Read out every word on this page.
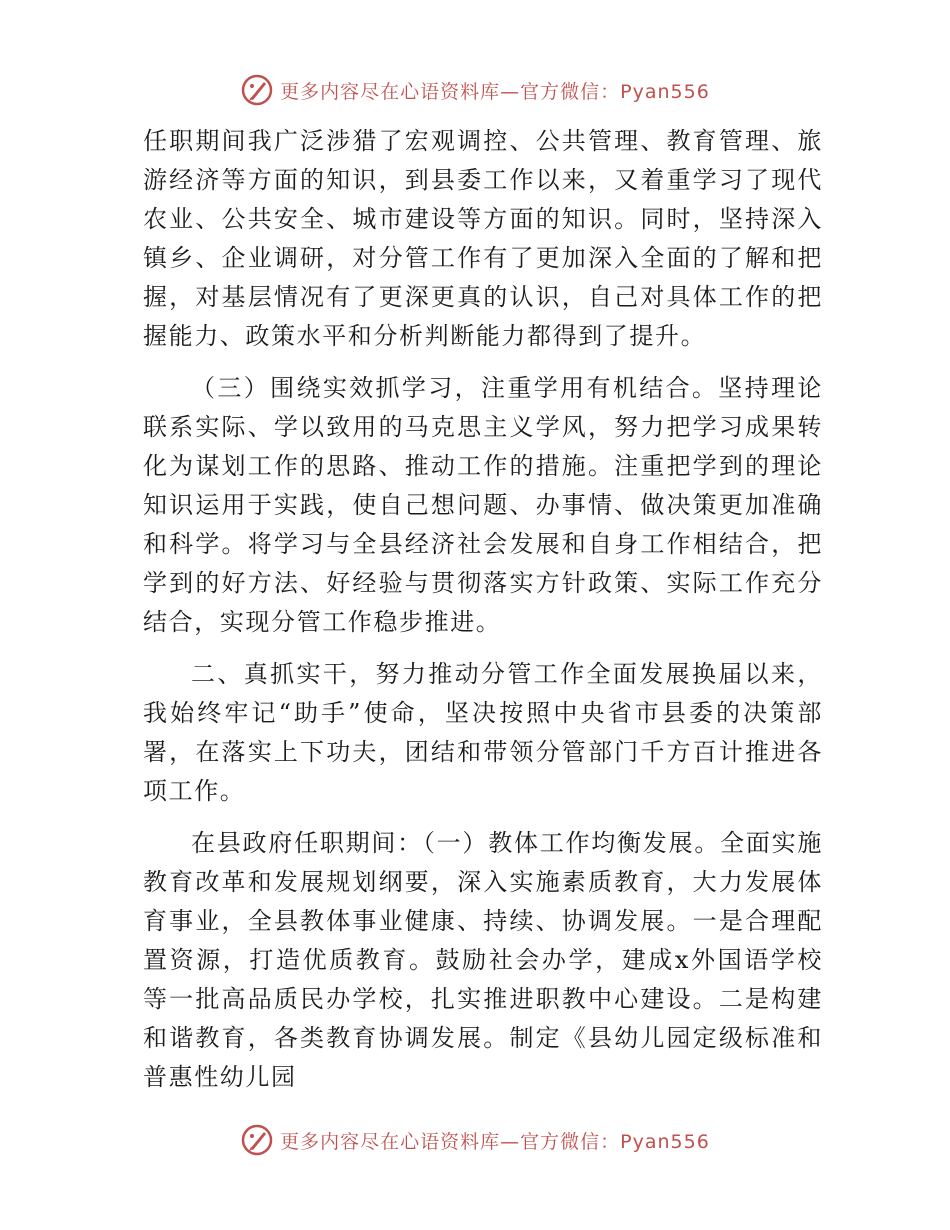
更多内容尽在心语资料库—官方微信：Pyan556

任职期间我广泛涉猎了宏观调控、公共管理、教育管理、旅游经济等方面的知识，到县委工作以来，又着重学习了现代农业、公共安全、城市建设等方面的知识。同时，坚持深入镇乡、企业调研，对分管工作有了更加深入全面的了解和把握，对基层情况有了更深更真的认识，自己对具体工作的把握能力、政策水平和分析判断能力都得到了提升。

（三）围绕实效抓学习，注重学用有机结合。坚持理论联系实际、学以致用的马克思主义学风，努力把学习成果转化为谋划工作的思路、推动工作的措施。注重把学到的理论知识运用于实践，使自己想问题、办事情、做决策更加准确和科学。将学习与全县经济社会发展和自身工作相结合，把学到的好方法、好经验与贯彻落实方针政策、实际工作充分结合，实现分管工作稳步推进。

二、真抓实干，努力推动分管工作全面发展换届以来，我始终牢记“助手”使命，坚决按照中央省市县委的决策部署，在落实上下功夫，团结和带领分管部门千方百计推进各项工作。

在县政府任职期间：（一）教体工作均衡发展。全面实施教育改革和发展规划纲要，深入实施素质教育，大力发展体育事业，全县教体事业健康、持续、协调发展。一是合理配置资源，打造优质教育。鼓励社会办学，建成x外国语学校等一批高品质民办学校，扎实推进职教中心建设。二是构建和谐教育，各类教育协调发展。制定《县幼儿园定级标准和普惠性幼儿园

更多内容尽在心语资料库—官方微信：Pyan556
